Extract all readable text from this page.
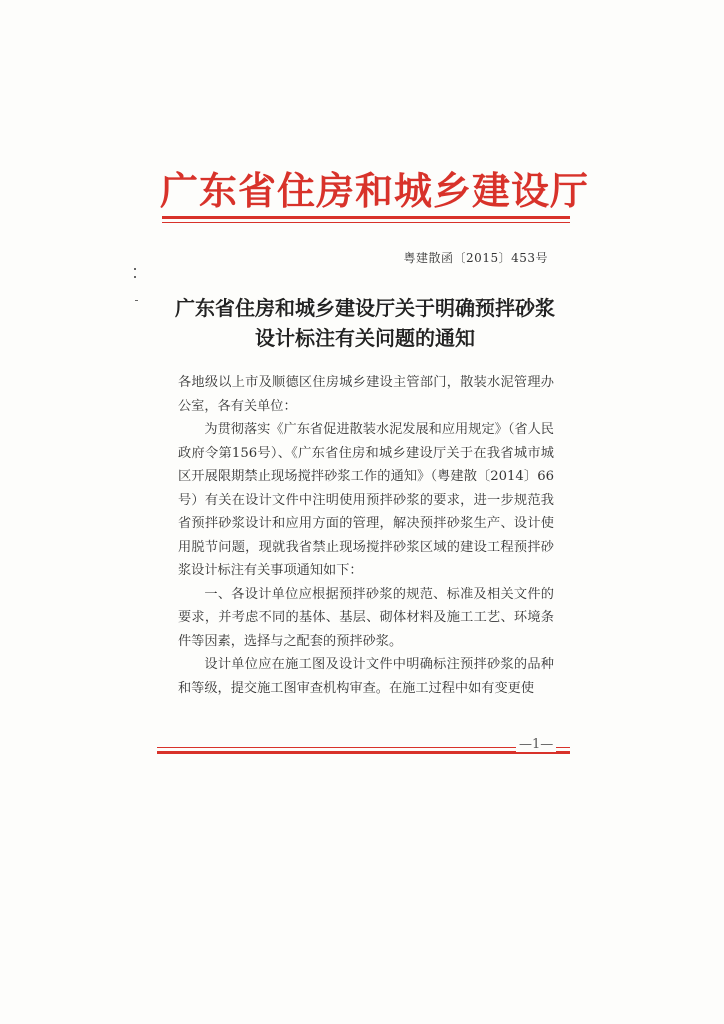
广东省住房和城乡建设厅
粤建散函〔2015〕453号
广东省住房和城乡建设厅关于明确预拌砂浆
设计标注有关问题的通知

各地级以上市及顺德区住房城乡建设主管部门，散装水泥管理办公室，各有关单位：

为贯彻落实《广东省促进散装水泥发展和应用规定》（省人民政府令第156号）、《广东省住房和城乡建设厅关于在我省城市城区开展限期禁止现场搅拌砂浆工作的通知》（粤建散〔2014〕66号）有关在设计文件中注明使用预拌砂浆的要求，进一步规范我省预拌砂浆设计和应用方面的管理，解决预拌砂浆生产、设计使用脱节问题，现就我省禁止现场搅拌砂浆区域的建设工程预拌砂浆设计标注有关事项通知如下：

一、各设计单位应根据预拌砂浆的规范、标准及相关文件的要求，并考虑不同的基体、基层、砌体材料及施工工艺、环境条件等因素，选择与之配套的预拌砂浆。

设计单位应在施工图及设计文件中明确标注预拌砂浆的品种和等级，提交施工图审查机构审查。在施工过程中如有变更使

—1—
